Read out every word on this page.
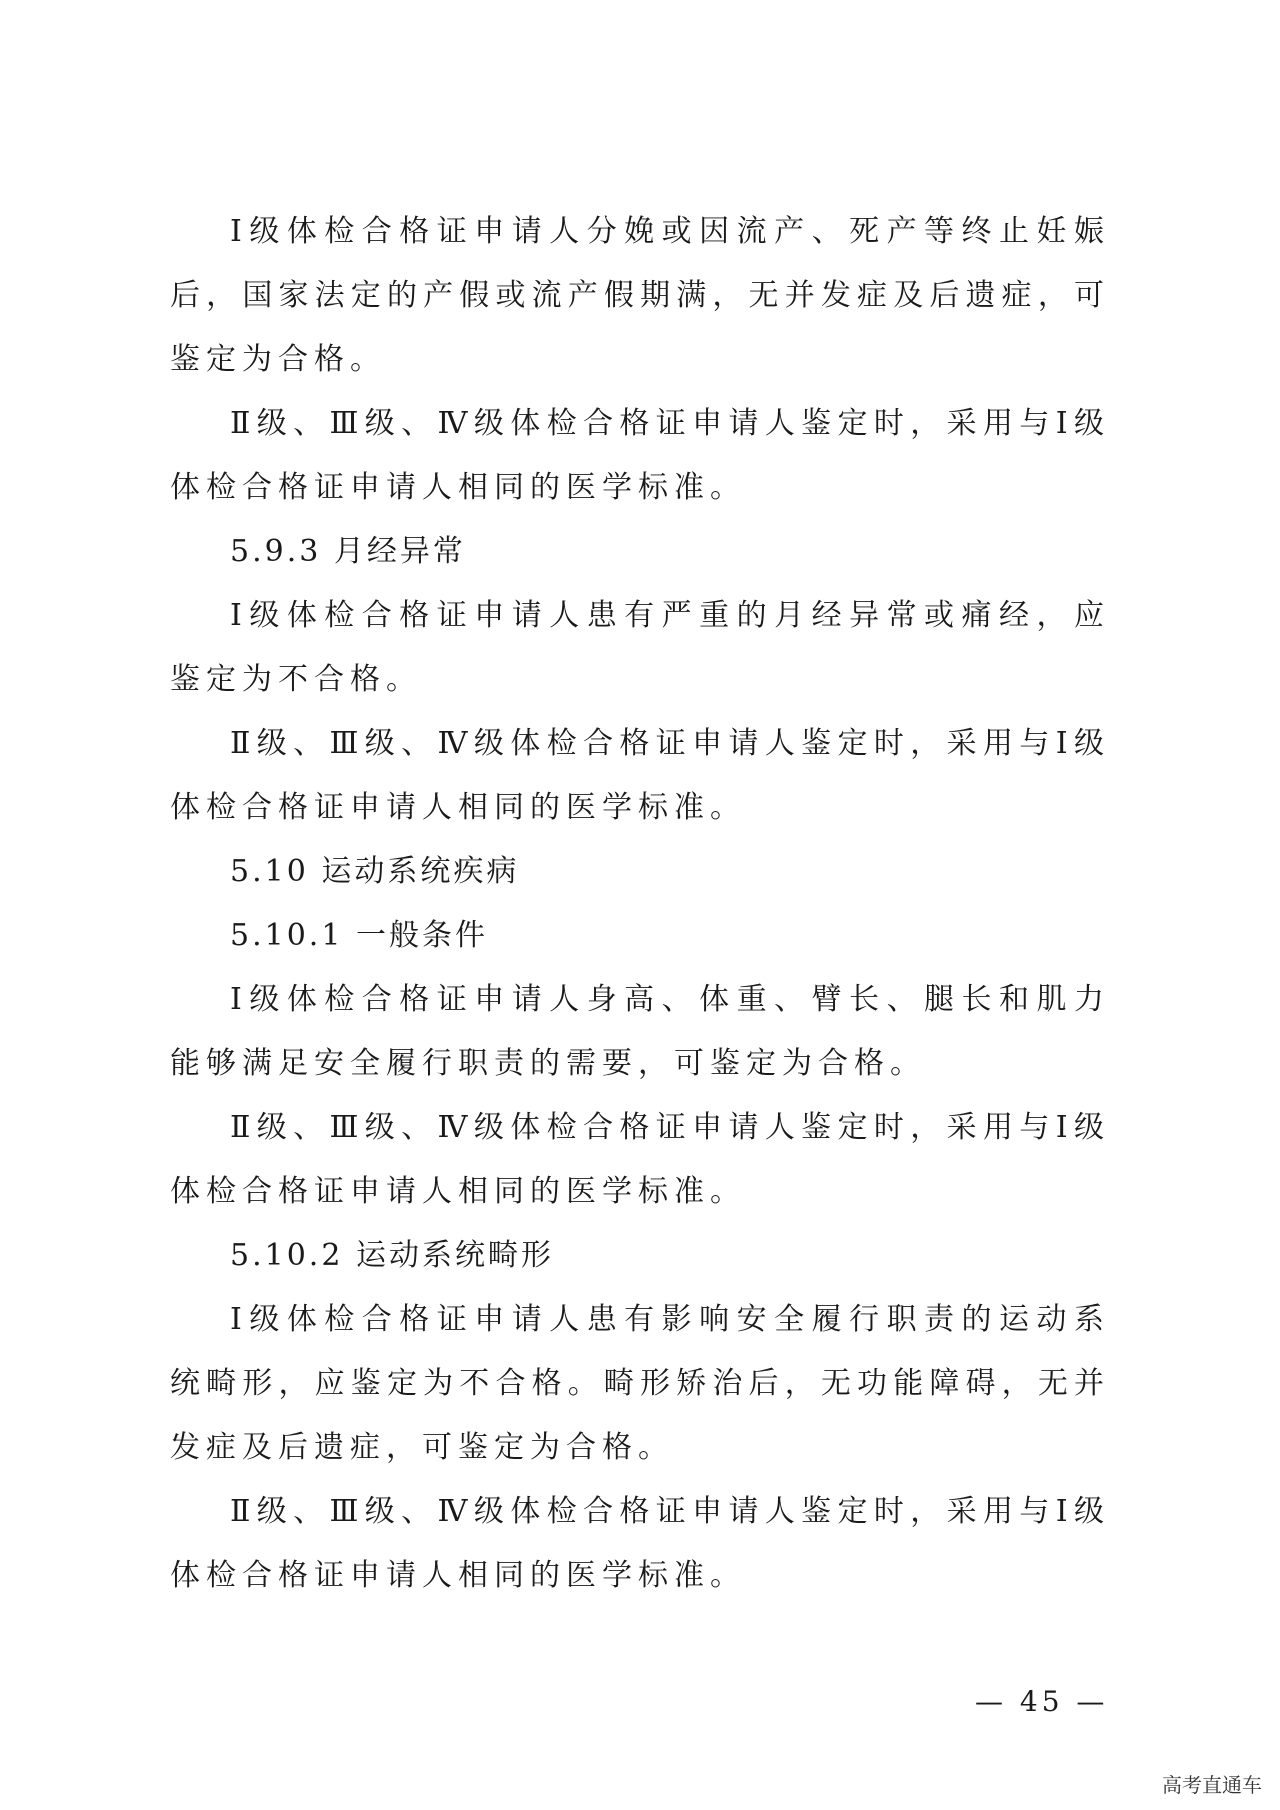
Ⅰ级体检合格证申请人分娩或因流产、死产等终止妊娠后，国家法定的产假或流产假期满，无并发症及后遗症，可鉴定为合格。

Ⅱ级、Ⅲ级、Ⅳ级体检合格证申请人鉴定时，采用与Ⅰ级体检合格证申请人相同的医学标准。

5.9.3 月经异常

Ⅰ级体检合格证申请人患有严重的月经异常或痛经，应鉴定为不合格。

Ⅱ级、Ⅲ级、Ⅳ级体检合格证申请人鉴定时，采用与Ⅰ级体检合格证申请人相同的医学标准。

5.10 运动系统疾病

5.10.1 一般条件

Ⅰ级体检合格证申请人身高、体重、臂长、腿长和肌力能够满足安全履行职责的需要，可鉴定为合格。

Ⅱ级、Ⅲ级、Ⅳ级体检合格证申请人鉴定时，采用与Ⅰ级体检合格证申请人相同的医学标准。

5.10.2 运动系统畸形

Ⅰ级体检合格证申请人患有影响安全履行职责的运动系统畸形，应鉴定为不合格。畸形矫治后，无功能障碍，无并发症及后遗症，可鉴定为合格。

Ⅱ级、Ⅲ级、Ⅳ级体检合格证申请人鉴定时，采用与Ⅰ级体检合格证申请人相同的医学标准。

— 45 —
高考直通车
